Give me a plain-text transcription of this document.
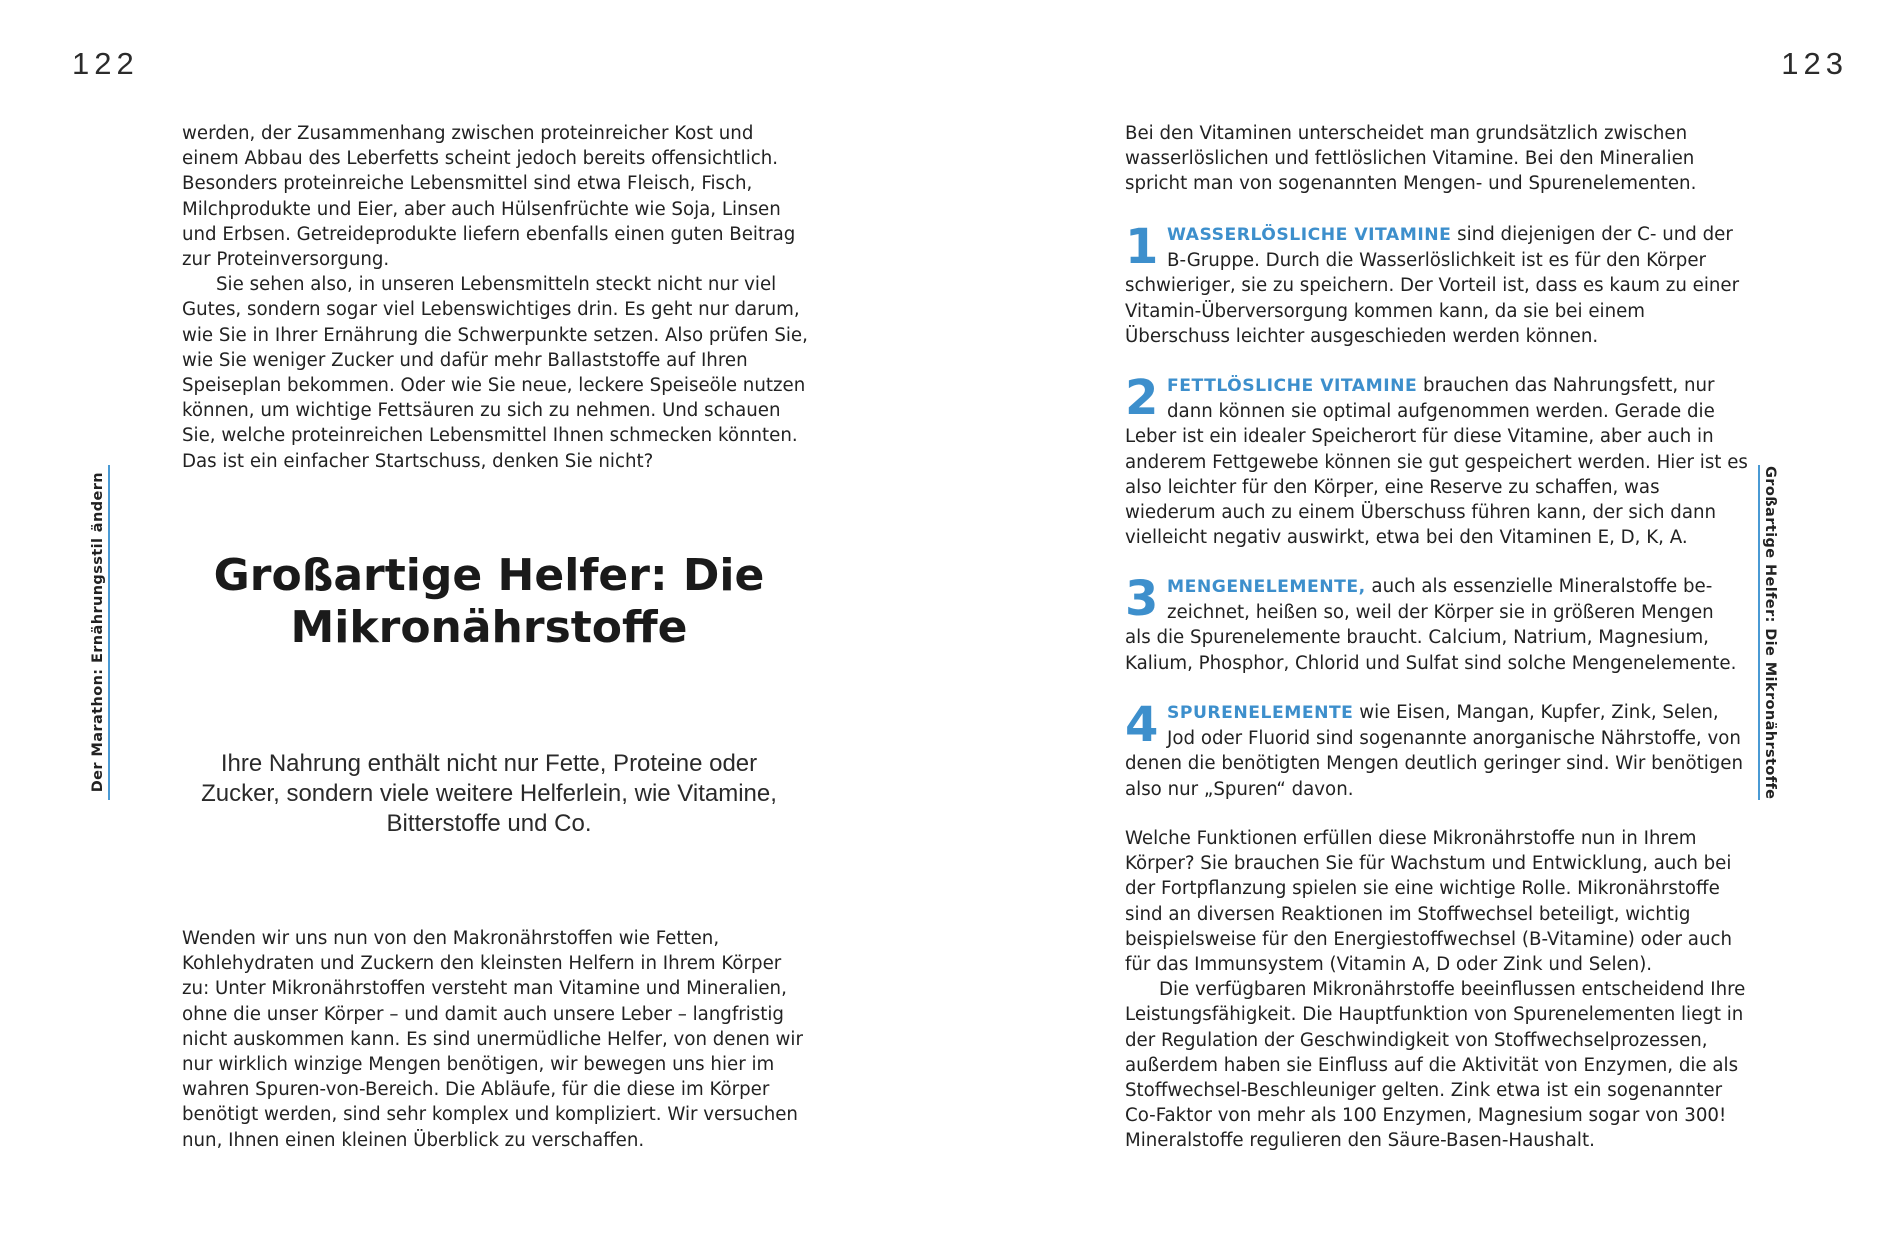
122
Der Marathon: Ernährungsstil ändern

werden, der Zusammenhang zwischen proteinreicher Kost und einem Abbau des Leberfetts scheint jedoch bereits offensichtlich. Besonders proteinreiche Lebensmittel sind etwa Fleisch, Fisch, Milchprodukte und Eier, aber auch Hülsenfrüchte wie Soja, Linsen und Erbsen. Getreideprodukte liefern ebenfalls einen guten Beitrag zur Proteinversorgung.

Sie sehen also, in unseren Lebensmitteln steckt nicht nur viel Gutes, sondern sogar viel Lebenswichtiges drin. Es geht nur darum, wie Sie in Ihrer Ernährung die Schwerpunkte setzen. Also prüfen Sie, wie Sie weniger Zucker und dafür mehr Ballaststoffe auf Ihren Speiseplan bekommen. Oder wie Sie neue, leckere Speiseöle nutzen können, um wichtige Fettsäuren zu sich zu nehmen. Und schauen Sie, welche proteinreichen Lebensmittel Ihnen schmecken könnten. Das ist ein einfacher Startschuss, denken Sie nicht?

Großartige Helfer: Die Mikronährstoffe

Ihre Nahrung enthält nicht nur Fette, Proteine oder Zucker, sondern viele weitere Helferlein, wie Vitamine, Bitterstoffe und Co.

Wenden wir uns nun von den Makronährstoffen wie Fetten, Kohlehydraten und Zuckern den kleinsten Helfern in Ihrem Körper zu: Unter Mikronährstoffen versteht man Vitamine und Mineralien, ohne die unser Körper – und damit auch unsere Leber – langfristig nicht auskommen kann. Es sind unermüdliche Helfer, von denen wir nur wirklich winzige Mengen benötigen, wir bewegen uns hier im wahren Spuren-von-Bereich. Die Abläufe, für die diese im Körper benötigt werden, sind sehr komplex und kompliziert. Wir versuchen nun, Ihnen einen kleinen Überblick zu verschaffen.

123
Großartige Helfer: Die Mikronährstoffe

Bei den Vitaminen unterscheidet man grundsätzlich zwischen wasserlöslichen und fettlöslichen Vitamine. Bei den Mineralien spricht man von sogenannten Mengen- und Spurenelementen.

1 WASSERLÖSLICHE VITAMINE sind diejenigen der C- und der
B-Gruppe. Durch die Wasserlöslichkeit ist es für den Körper
schwieriger, sie zu speichern. Der Vorteil ist, dass es kaum zu einer Vitamin-Überversorgung kommen kann, da sie bei einem Überschuss leichter ausgeschieden werden können.

2 FETTLÖSLICHE VITAMINE brauchen das Nahrungsfett, nur
dann können sie optimal aufgenommen werden. Gerade die
Leber ist ein idealer Speicherort für diese Vitamine, aber auch in anderem Fettgewebe können sie gut gespeichert werden. Hier ist es also leichter für den Körper, eine Reserve zu schaffen, was wiederum auch zu einem Überschuss führen kann, der sich dann vielleicht negativ auswirkt, etwa bei den Vitaminen E, D, K, A.

3 MENGENELEMENTE, auch als essenzielle Mineralstoffe be-
zeichnet, heißen so, weil der Körper sie in größeren Mengen
als die Spurenelemente braucht. Calcium, Natrium, Magnesium, Kalium, Phosphor, Chlorid und Sulfat sind solche Mengenelemente.

4 SPURENELEMENTE wie Eisen, Mangan, Kupfer, Zink, Selen,
Jod oder Fluorid sind sogenannte anorganische Nährstoffe, von
denen die benötigten Mengen deutlich geringer sind. Wir benötigen also nur „Spuren“ davon.

Welche Funktionen erfüllen diese Mikronährstoffe nun in Ihrem Körper? Sie brauchen Sie für Wachstum und Entwicklung, auch bei der Fortpflanzung spielen sie eine wichtige Rolle. Mikronährstoffe sind an diversen Reaktionen im Stoffwechsel beteiligt, wichtig beispielsweise für den Energiestoffwechsel (B-Vitamine) oder auch für das Immunsystem (Vitamin A, D oder Zink und Selen).

Die verfügbaren Mikronährstoffe beeinflussen entscheidend Ihre Leistungsfähigkeit. Die Hauptfunktion von Spurenelementen liegt in der Regulation der Geschwindigkeit von Stoffwechselprozessen, außerdem haben sie Einfluss auf die Aktivität von Enzymen, die als Stoffwechsel-Beschleuniger gelten. Zink etwa ist ein sogenannter Co-Faktor von mehr als 100 Enzymen, Magnesium sogar von 300! Mineralstoffe regulieren den Säure-Basen-Haushalt.
